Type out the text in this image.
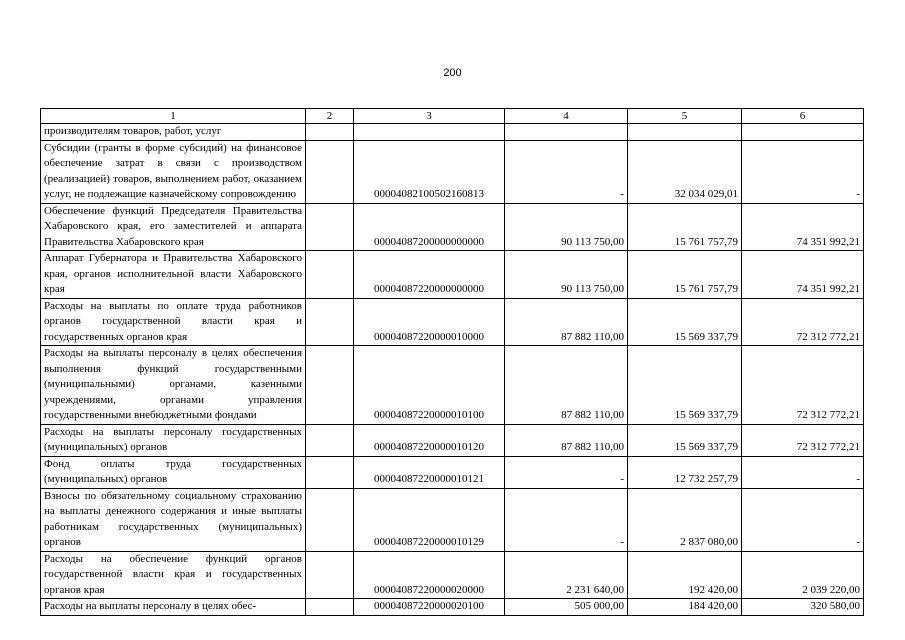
200
1	2	3	4	5	6
производителям товаров, работ, услуг					
Субсидии (гранты в форме субсидий) на финансовое обеспечение затрат в связи с производством (реализацией) товаров, выполнением работ, оказанием услуг, не подлежащие казначейскому сопровождению		00004082100502160813	-	32 034 029,01	-
Обеспечение функций Председателя Правительства Хабаровского края, его заместителей и аппарата Правительства Хабаровского края		00004087200000000000	90 113 750,00	15 761 757,79	74 351 992,21
Аппарат Губернатора и Правительства Хабаровского края, органов исполнительной власти Хабаровского края		00004087220000000000	90 113 750,00	15 761 757,79	74 351 992,21
Расходы на выплаты по оплате труда работников органов государственной власти края и государственных органов края		00004087220000010000	87 882 110,00	15 569 337,79	72 312 772,21
Расходы на выплаты персоналу в целях обеспечения выполнения функций государственными (муниципальными) органами, казенными учреждениями, органами управления государственными внебюджетными фондами		00004087220000010100	87 882 110,00	15 569 337,79	72 312 772,21
Расходы на выплаты персоналу государственных (муниципальных) органов		00004087220000010120	87 882 110,00	15 569 337,79	72 312 772,21
Фонд оплаты труда государственных (муниципальных) органов		00004087220000010121	-	12 732 257,79	-
Взносы по обязательному социальному страхованию на выплаты денежного содержания и иные выплаты работникам государственных (муниципальных) органов		00004087220000010129	-	2 837 080,00	-
Расходы на обеспечение функций органов государственной власти края и государственных органов края		00004087220000020000	2 231 640,00	192 420,00	2 039 220,00
Расходы на выплаты персоналу в целях обес-		00004087220000020100	505 000,00	184 420,00	320 580,00
